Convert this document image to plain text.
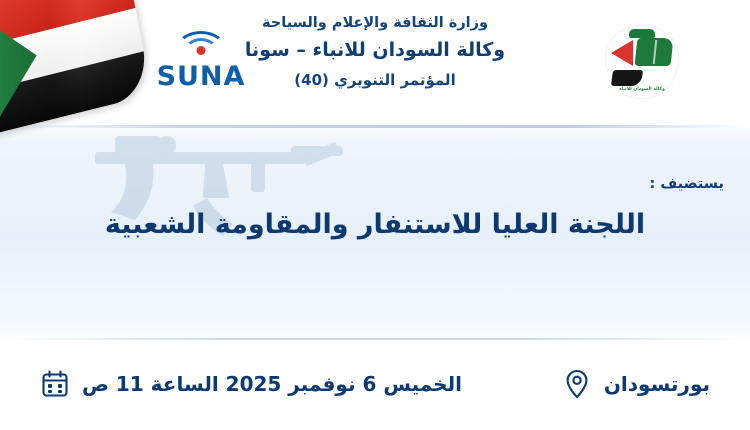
SUNA
وزارة الثقافة والإعلام والسياحة
وكالة السودان للانباء – سونا
المؤتمر التنويري (40)
وكالة السودان للانباء
يستضيف :
اللجنة العليا للاستنفار والمقاومة الشعبية
بورتسودان
الخميس 6 نوفمبر 2025 الساعة 11 ص
